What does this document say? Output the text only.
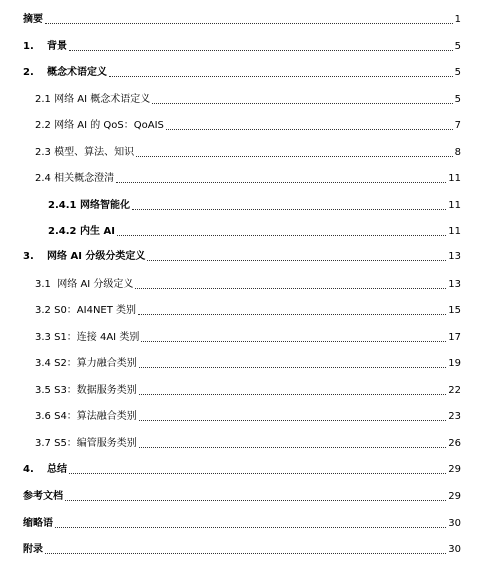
摘要	1
1. 背景	5
2. 概念术语定义	5
2.1 网络 AI 概念术语定义	5
2.2 网络 AI 的 QoS：QoAIS	7
2.3 模型、算法、知识	8
2.4 相关概念澄清	11
2.4.1 网络智能化	11
2.4.2 内生 AI	11
3. 网络 AI 分级分类定义	13
3.1 网络 AI 分级定义	13
3.2 S0：AI4NET 类别	15
3.3 S1：连接 4AI 类别	17
3.4 S2：算力融合类别	19
3.5 S3：数据服务类别	22
3.6 S4：算法融合类别	23
3.7 S5：编管服务类别	26
4. 总结	29
参考文档	29
缩略语	30
附录	30
